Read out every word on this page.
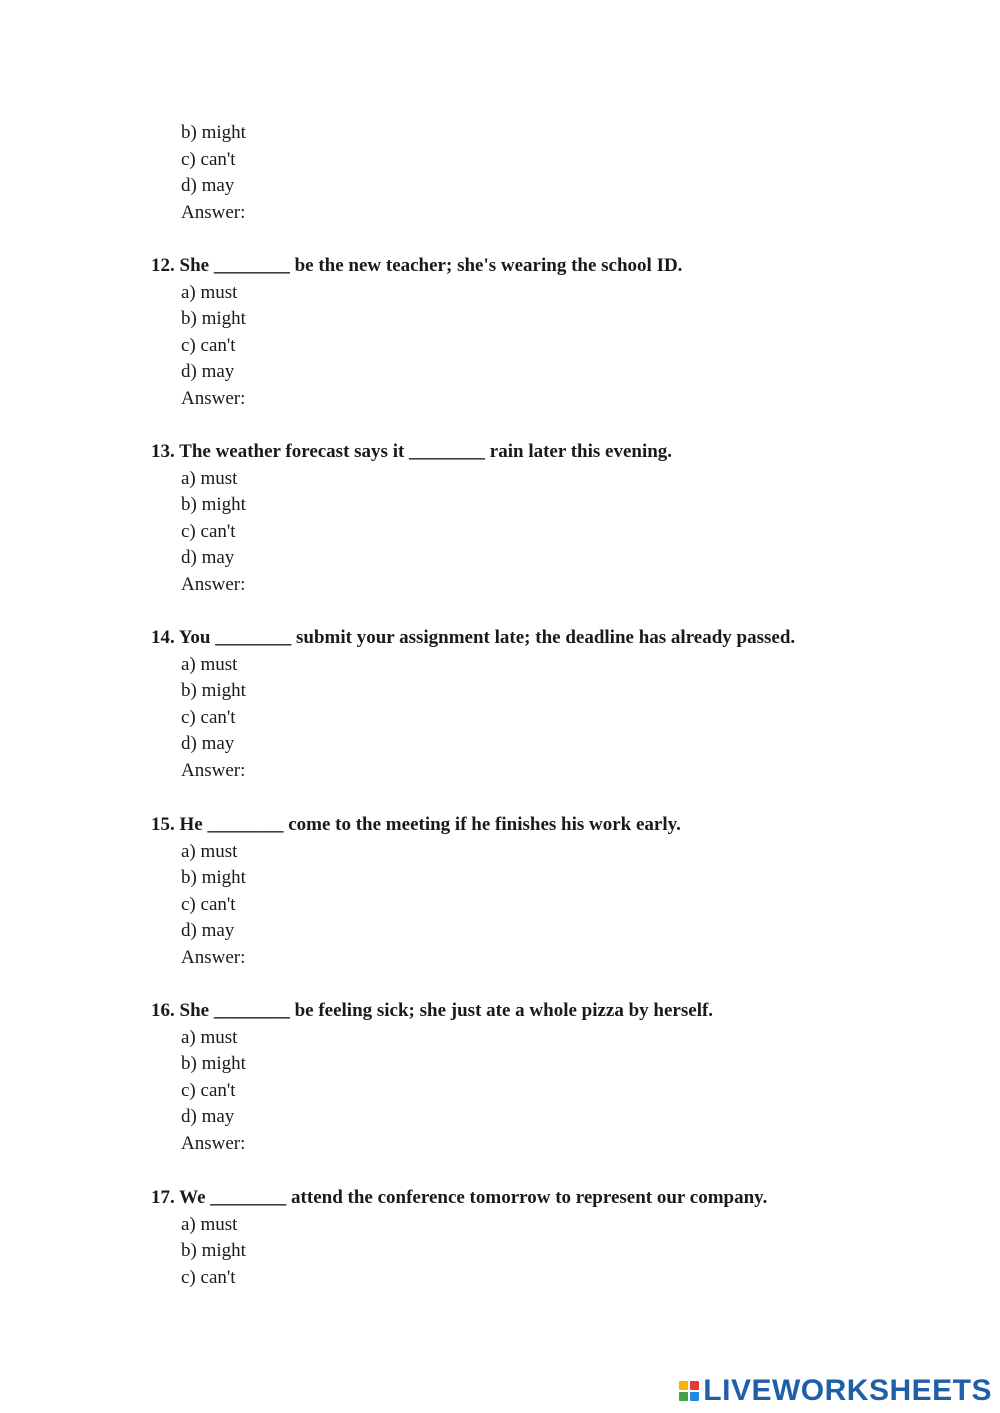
b) might
c) can't
d) may
Answer:
12. She ________ be the new teacher; she's wearing the school ID.
a) must
b) might
c) can't
d) may
Answer:
13. The weather forecast says it ________ rain later this evening.
a) must
b) might
c) can't
d) may
Answer:
14. You ________ submit your assignment late; the deadline has already passed.
a) must
b) might
c) can't
d) may
Answer:
15. He ________ come to the meeting if he finishes his work early.
a) must
b) might
c) can't
d) may
Answer:
16. She ________ be feeling sick; she just ate a whole pizza by herself.
a) must
b) might
c) can't
d) may
Answer:
17. We ________ attend the conference tomorrow to represent our company.
a) must
b) might
c) can't
LIVEWORKSHEETS
